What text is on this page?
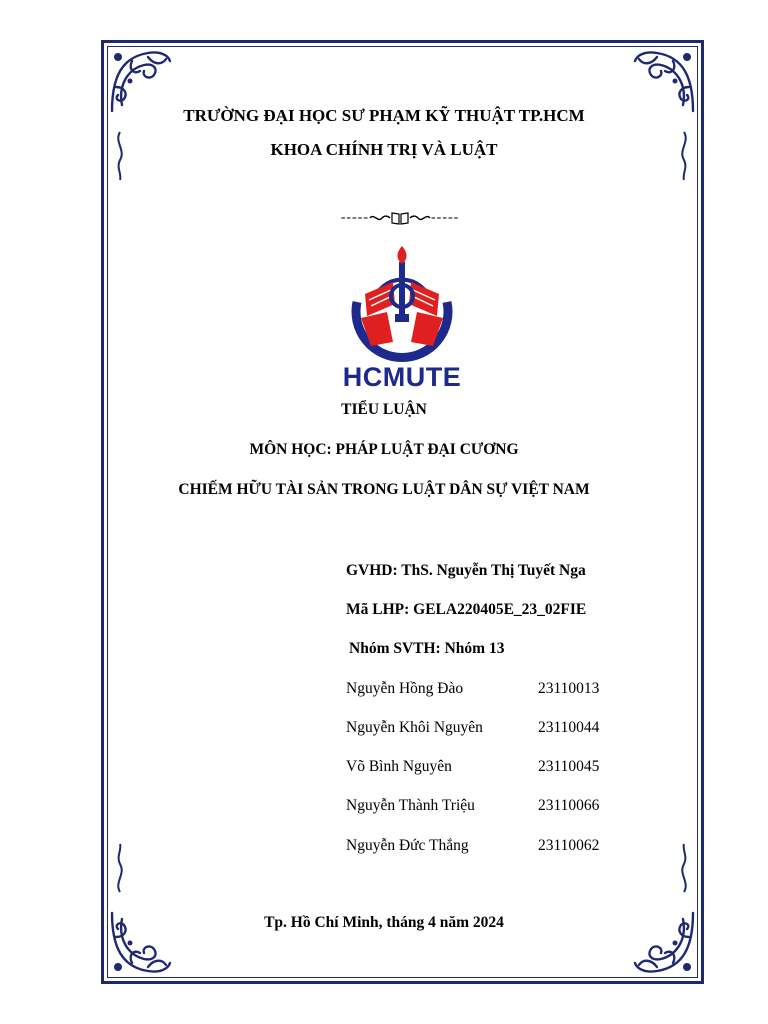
TRƯỜNG ĐẠI HỌC SƯ PHẠM KỸ THUẬT TP.HCM
KHOA CHÍNH TRỊ VÀ LUẬT
-----	-----
HCMUTE
TIỂU LUẬN
MÔN HỌC: PHÁP LUẬT ĐẠI CƯƠNG
CHIẾM HỮU TÀI SẢN TRONG LUẬT DÂN SỰ VIỆT NAM
GVHD: ThS. Nguyễn Thị Tuyết Nga
Mã LHP: GELA220405E_23_02FIE
Nhóm SVTH: Nhóm 13
Nguyễn Hồng Đào	23110013
Nguyễn Khôi Nguyên	23110044
Võ Bình Nguyên	23110045
Nguyễn Thành Triệu	23110066
Nguyễn Đức Thắng	23110062
Tp. Hồ Chí Minh, tháng 4 năm 2024
